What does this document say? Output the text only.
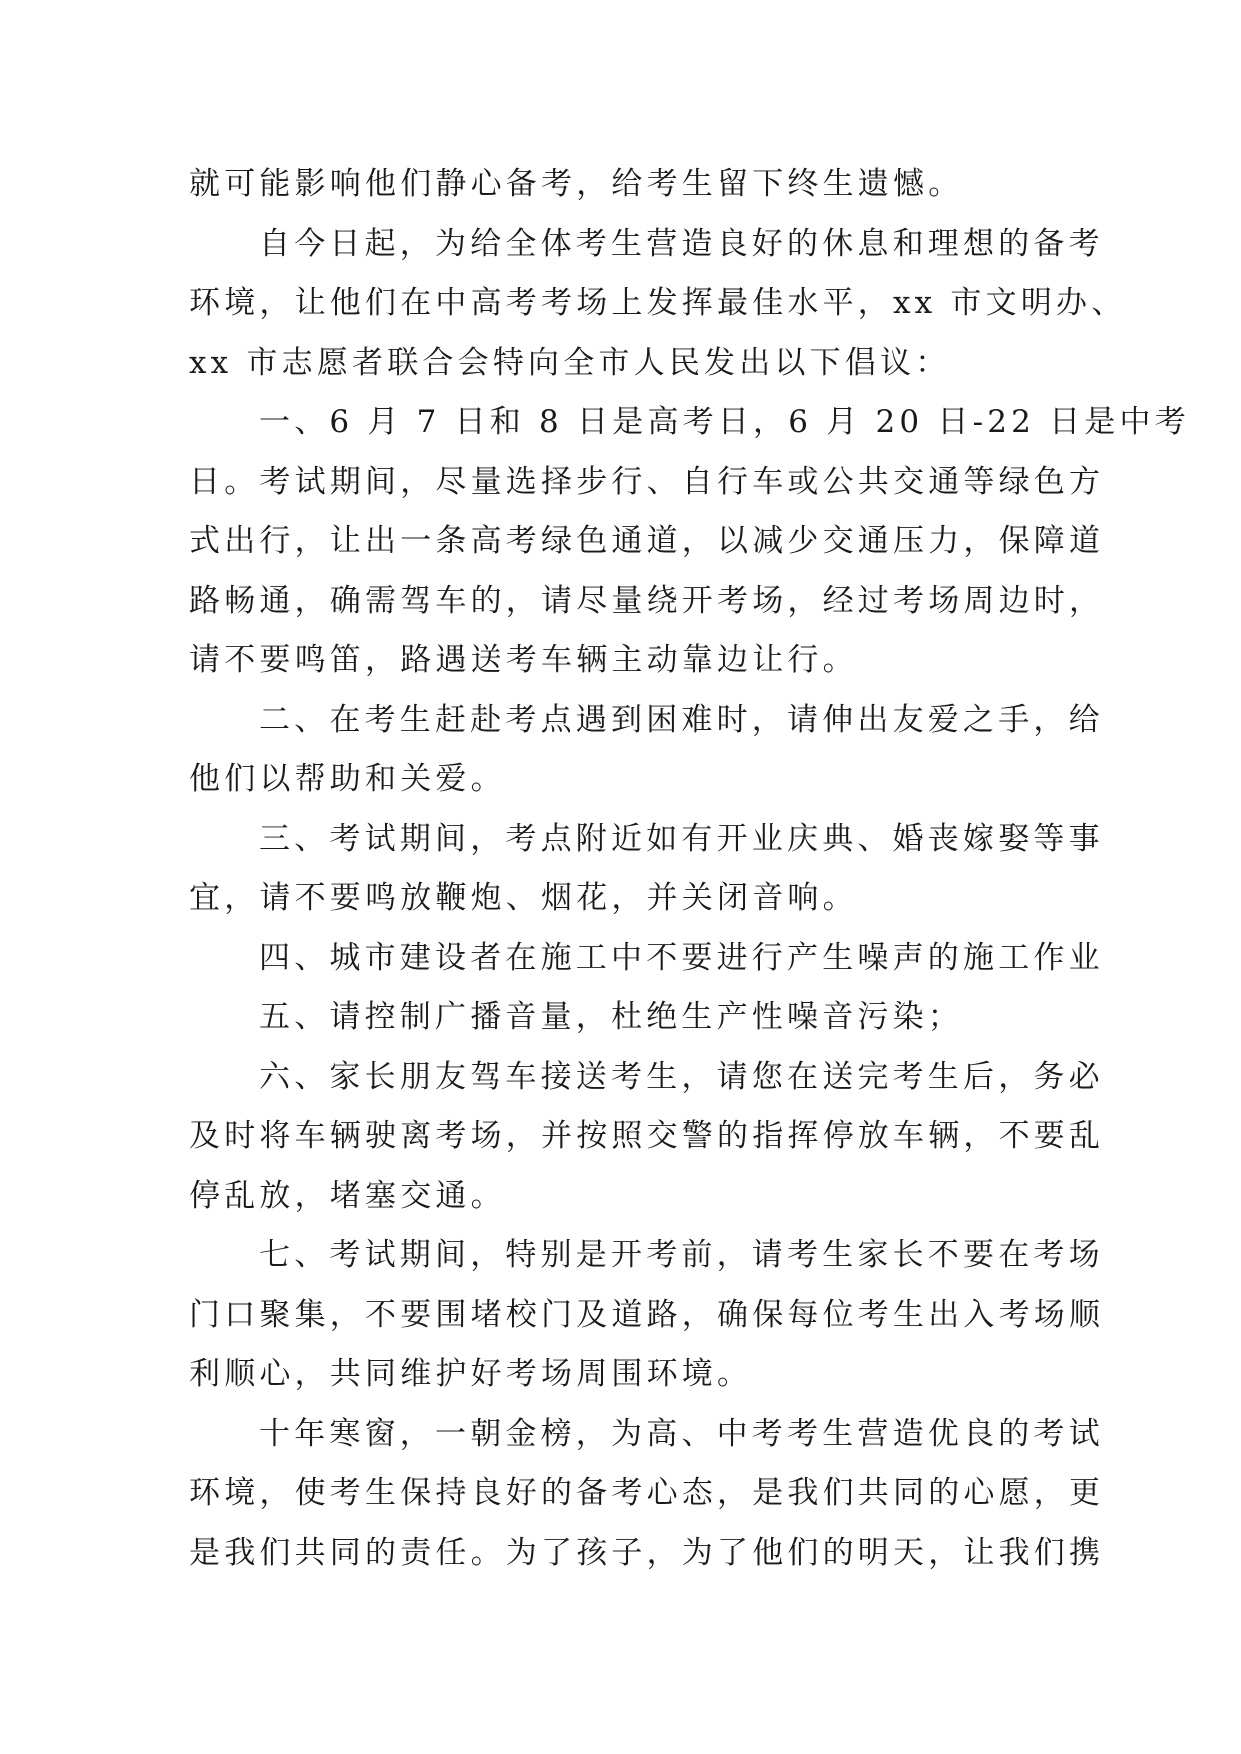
就可能影响他们静心备考，给考生留下终生遗憾。
自今日起，为给全体考生营造良好的休息和理想的备考
环境，让他们在中高考考场上发挥最佳水平，xx 市文明办、
xx 市志愿者联合会特向全市人民发出以下倡议：
一、6 月 7 日和 8 日是高考日，6 月 20 日-22 日是中考
日。考试期间，尽量选择步行、自行车或公共交通等绿色方
式出行，让出一条高考绿色通道，以减少交通压力，保障道
路畅通，确需驾车的，请尽量绕开考场，经过考场周边时，
请不要鸣笛，路遇送考车辆主动靠边让行。
二、在考生赶赴考点遇到困难时，请伸出友爱之手，给
他们以帮助和关爱。
三、考试期间，考点附近如有开业庆典、婚丧嫁娶等事
宜，请不要鸣放鞭炮、烟花，并关闭音响。
四、城市建设者在施工中不要进行产生噪声的施工作业
五、请控制广播音量，杜绝生产性噪音污染；
六、家长朋友驾车接送考生，请您在送完考生后，务必
及时将车辆驶离考场，并按照交警的指挥停放车辆，不要乱
停乱放，堵塞交通。
七、考试期间，特别是开考前，请考生家长不要在考场
门口聚集，不要围堵校门及道路，确保每位考生出入考场顺
利顺心，共同维护好考场周围环境。
十年寒窗，一朝金榜，为高、中考考生营造优良的考试
环境，使考生保持良好的备考心态，是我们共同的心愿，更
是我们共同的责任。为了孩子，为了他们的明天，让我们携
